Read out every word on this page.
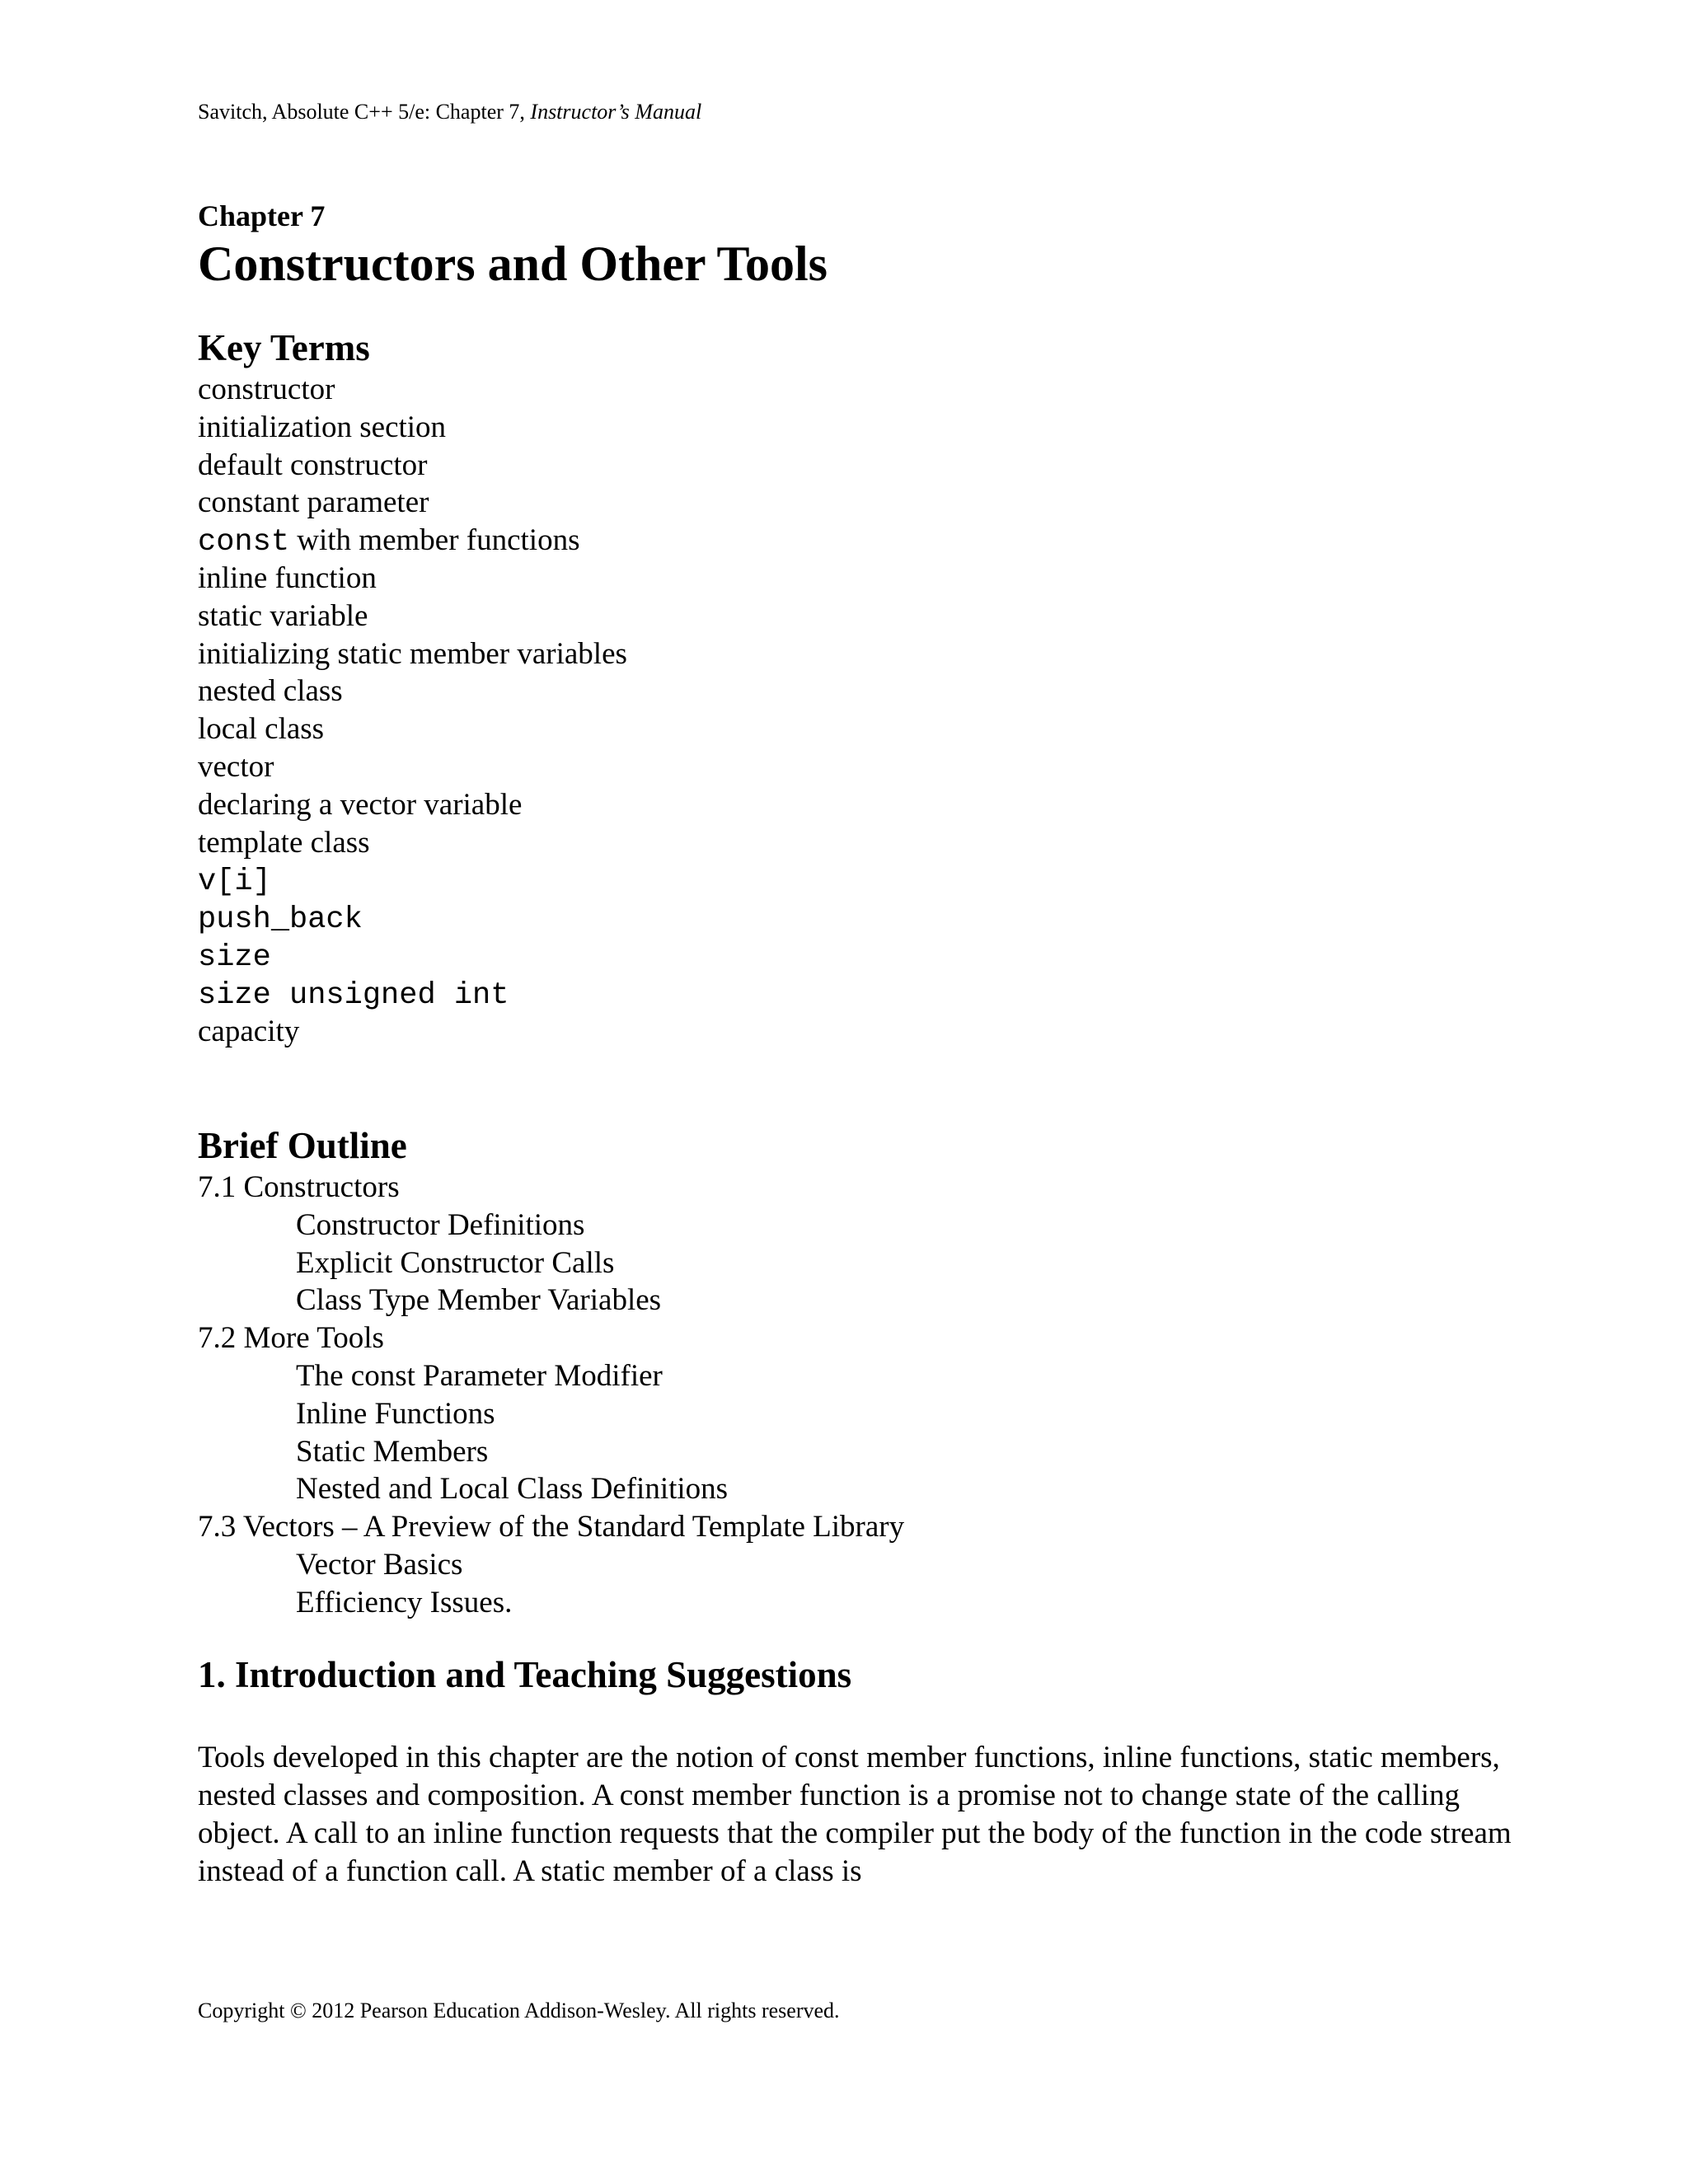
Savitch, Absolute C++ 5/e: Chapter 7, Instructor’s Manual
Chapter 7
Constructors and Other Tools
Key Terms
constructor
initialization section
default constructor
constant parameter
const with member functions
inline function
static variable
initializing static member variables
nested class
local class
vector
declaring a vector variable
template class
v[i]
push_back
size
size unsigned int
capacity
Brief Outline
7.1 Constructors
Constructor Definitions
Explicit Constructor Calls
Class Type Member Variables
7.2 More Tools
The const Parameter Modifier
Inline Functions
Static Members
Nested and Local Class Definitions
7.3 Vectors – A Preview of the Standard Template Library
Vector Basics
Efficiency Issues.
1. Introduction and Teaching Suggestions

Tools developed in this chapter are the notion of const member functions, inline functions, static members, nested classes and composition. A const member function is a promise not to change state of the calling object. A call to an inline function requests that the compiler put the body of the function in the code stream instead of a function call. A static member of a class is

Copyright © 2012 Pearson Education Addison-Wesley. All rights reserved.
